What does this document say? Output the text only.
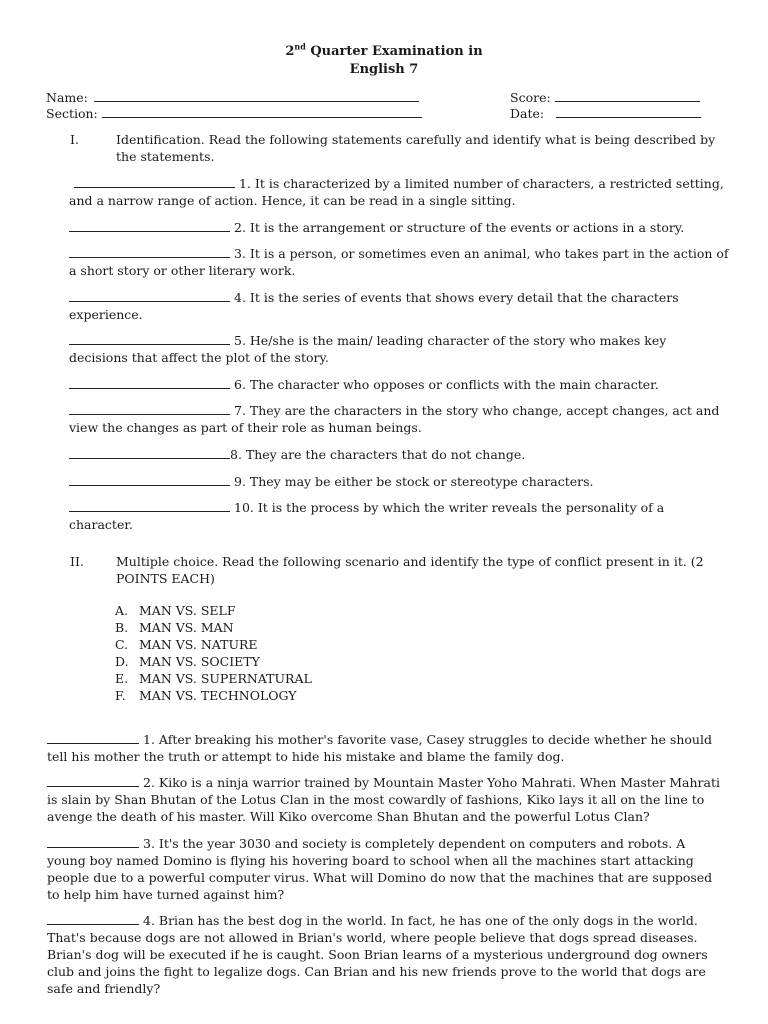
2nd Quarter Examination in
English 7
Name:
Section:
Score:
Date:
I.	Identification. Read the following statements carefully and identify what is being described by the statements.
1. It is characterized by a limited number of characters, a restricted setting, and a narrow range of action. Hence, it can be read in a single sitting.
2. It is the arrangement or structure of the events or actions in a story.
3. It is a person, or sometimes even an animal, who takes part in the action of a short story or other literary work.
4. It is the series of events that shows every detail that the characters experience.
5. He/she is the main/ leading character of the story who makes key decisions that affect the plot of the story.
6. The character who opposes or conflicts with the main character.
7. They are the characters in the story who change, accept changes, act and view the changes as part of their role as human beings.
8. They are the characters that do not change.
9. They may be either be stock or stereotype characters.
10. It is the process by which the writer reveals the personality of a character.
II.	Multiple choice. Read the following scenario and identify the type of conflict present in it. (2 POINTS EACH)
A. MAN VS. SELF
B. MAN VS. MAN
C. MAN VS. NATURE
D. MAN VS. SOCIETY
E. MAN VS. SUPERNATURAL
F. MAN VS. TECHNOLOGY
1. After breaking his mother's favorite vase, Casey struggles to decide whether he should tell his mother the truth or attempt to hide his mistake and blame the family dog.
2. Kiko is a ninja warrior trained by Mountain Master Yoho Mahrati. When Master Mahrati is slain by Shan Bhutan of the Lotus Clan in the most cowardly of fashions, Kiko lays it all on the line to avenge the death of his master. Will Kiko overcome Shan Bhutan and the powerful Lotus Clan?
3. It's the year 3030 and society is completely dependent on computers and robots. A young boy named Domino is flying his hovering board to school when all the machines start attacking people due to a powerful computer virus. What will Domino do now that the machines that are supposed to help him have turned against him?
4. Brian has the best dog in the world. In fact, he has one of the only dogs in the world. That's because dogs are not allowed in Brian's world, where people believe that dogs spread diseases. Brian's dog will be executed if he is caught. Soon Brian learns of a mysterious underground dog owners club and joins the fight to legalize dogs. Can Brian and his new friends prove to the world that dogs are safe and friendly?
